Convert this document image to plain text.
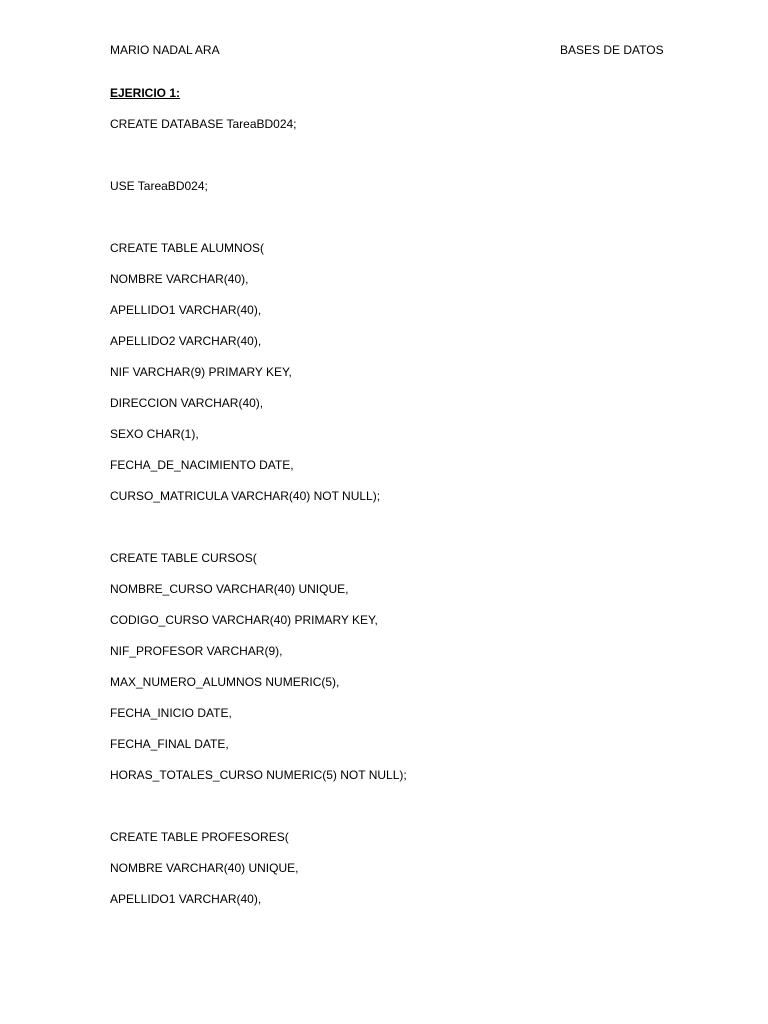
MARIO NADAL ARA	BASES DE DATOS
EJERICIO 1:
CREATE DATABASE TareaBD024;
USE TareaBD024;
CREATE TABLE ALUMNOS(
NOMBRE VARCHAR(40),
APELLIDO1 VARCHAR(40),
APELLIDO2 VARCHAR(40),
NIF VARCHAR(9) PRIMARY KEY,
DIRECCION VARCHAR(40),
SEXO CHAR(1),
FECHA_DE_NACIMIENTO DATE,
CURSO_MATRICULA VARCHAR(40) NOT NULL);
CREATE TABLE CURSOS(
NOMBRE_CURSO VARCHAR(40) UNIQUE,
CODIGO_CURSO VARCHAR(40) PRIMARY KEY,
NIF_PROFESOR VARCHAR(9),
MAX_NUMERO_ALUMNOS NUMERIC(5),
FECHA_INICIO DATE,
FECHA_FINAL DATE,
HORAS_TOTALES_CURSO NUMERIC(5) NOT NULL);
CREATE TABLE PROFESORES(
NOMBRE VARCHAR(40) UNIQUE,
APELLIDO1 VARCHAR(40),
